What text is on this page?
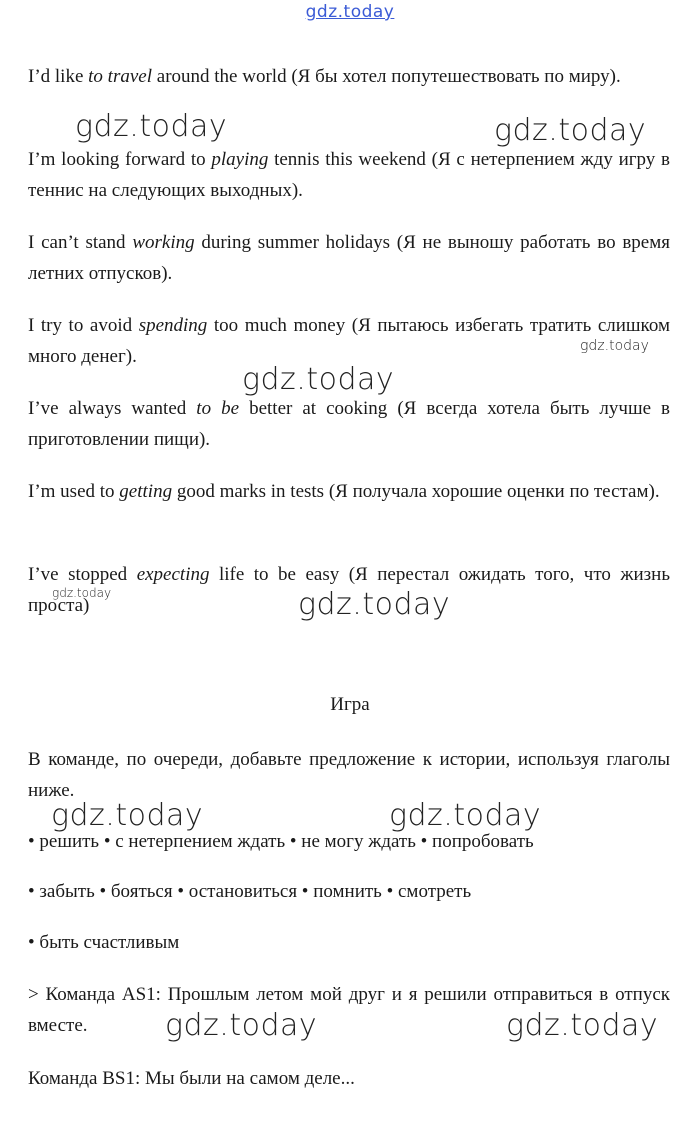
gdz.today

I’d like to travel around the world (Я бы хотел попутешествовать по миру).

I’m looking forward to playing tennis this weekend (Я с нетерпением жду игру в теннис на следующих выходных).

I can’t stand working during summer holidays (Я не выношу работать во время летних отпусков).

I try to avoid spending too much money (Я пытаюсь избегать тратить слишком много денег).

I’ve always wanted to be better at cooking (Я всегда хотела быть лучше в приготовлении пищи).

I’m used to getting good marks in tests (Я получала хорошие оценки по тестам).

I’ve stopped expecting life to be easy (Я перестал ожидать того, что жизнь проста)

Игра

В команде, по очереди, добавьте предложение к истории, используя глаголы ниже.

• решить • с нетерпением ждать • не могу ждать • попробовать

• забыть • бояться • остановиться • помнить • смотреть

• быть счастливым

> Команда AS1: Прошлым летом мой друг и я решили отправиться в отпуск вместе.

Команда BS1: Мы были на самом деле...

gdz.today	gdz.today
gdz.today
gdz.today
gdz.today	gdz.today
gdz.today	gdz.today
gdz.today	gdz.today
